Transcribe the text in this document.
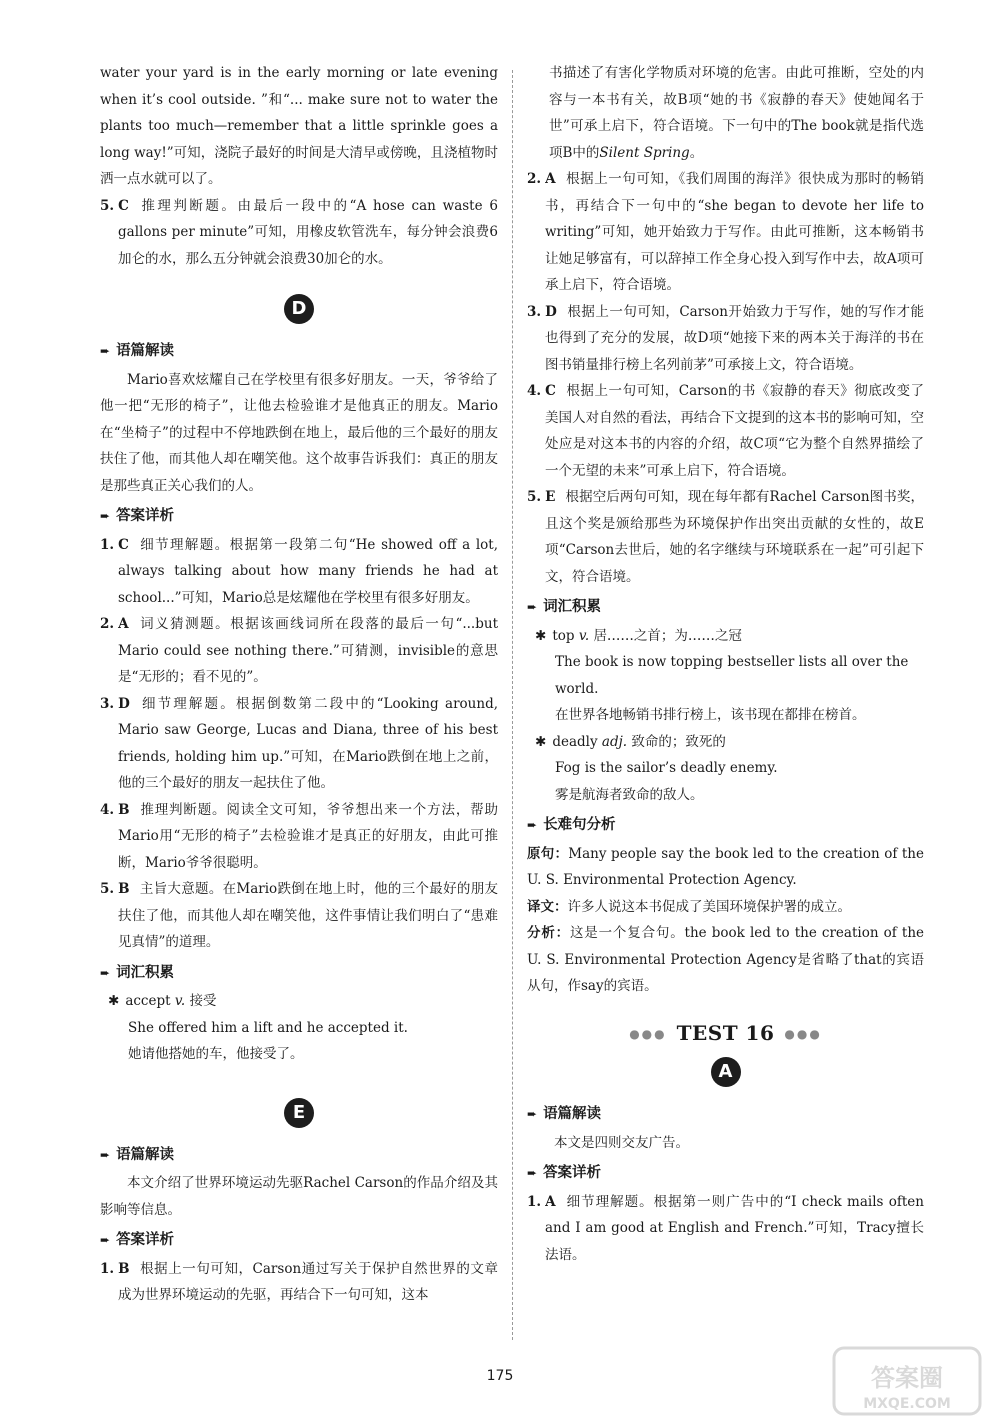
water your yard is in the early morning or late evening when it’s cool outside. ”和“... make sure not to water the plants too much—remember that a little sprinkle goes a long way!”可知，浇院子最好的时间是大清早或傍晚，且浇植物时洒一点水就可以了。

5. C 推理判断题。由最后一段中的“A hose can waste 6 gallons per minute”可知，用橡皮软管洗车，每分钟会浪费6加仑的水，那么五分钟就会浪费30加仑的水。

D
➨ 语篇解读

Mario喜欢炫耀自己在学校里有很多好朋友。一天，爷爷给了他一把“无形的椅子”，让他去检验谁才是他真正的朋友。Mario在“坐椅子”的过程中不停地跌倒在地上，最后他的三个最好的朋友扶住了他，而其他人却在嘲笑他。这个故事告诉我们：真正的朋友是那些真正关心我们的人。

➨ 答案详析

1. C 细节理解题。根据第一段第二句“He showed off a lot, always talking about how many friends he had at school...”可知，Mario总是炫耀他在学校里有很多好朋友。

2. A 词义猜测题。根据该画线词所在段落的最后一句“...but Mario could see nothing there.”可猜测，invisible的意思是“无形的；看不见的”。

3. D 细节理解题。根据倒数第二段中的“Looking around, Mario saw George, Lucas and Diana, three of his best friends, holding him up.”可知，在Mario跌倒在地上之前，他的三个最好的朋友一起扶住了他。

4. B 推理判断题。阅读全文可知，爷爷想出来一个方法，帮助Mario用“无形的椅子”去检验谁才是真正的好朋友，由此可推断，Mario爷爷很聪明。

5. B 主旨大意题。在Mario跌倒在地上时，他的三个最好的朋友扶住了他，而其他人却在嘲笑他，这件事情让我们明白了“患难见真情”的道理。

➨ 词汇积累

✱ accept v. 接受

She offered him a lift and he accepted it.

她请他搭她的车，他接受了。

E
➨ 语篇解读

本文介绍了世界环境运动先驱Rachel Carson的作品介绍及其影响等信息。

➨ 答案详析

1. B 根据上一句可知，Carson通过写关于保护自然世界的文章成为世界环境运动的先驱，再结合下一句可知，这本

书描述了有害化学物质对环境的危害。由此可推断，空处的内容与一本书有关，故B项“她的书《寂静的春天》使她闻名于世”可承上启下，符合语境。下一句中的The book就是指代选项B中的Silent Spring。

2. A 根据上一句可知，《我们周围的海洋》很快成为那时的畅销书，再结合下一句中的“she began to devote her life to writing”可知，她开始致力于写作。由此可推断，这本畅销书让她足够富有，可以辞掉工作全身心投入到写作中去，故A项可承上启下，符合语境。

3. D 根据上一句可知，Carson开始致力于写作，她的写作才能也得到了充分的发展，故D项“她接下来的两本关于海洋的书在图书销量排行榜上名列前茅”可承接上文，符合语境。

4. C 根据上一句可知，Carson的书《寂静的春天》彻底改变了美国人对自然的看法，再结合下文提到的这本书的影响可知，空处应是对这本书的内容的介绍，故C项“它为整个自然界描绘了一个无望的未来”可承上启下，符合语境。

5. E 根据空后两句可知，现在每年都有Rachel Carson图书奖，且这个奖是颁给那些为环境保护作出突出贡献的女性的，故E项“Carson去世后，她的名字继续与环境联系在一起”可引起下文，符合语境。

➨ 词汇积累

✱ top v. 居……之首；为……之冠

The book is now topping bestseller lists all over the world.

在世界各地畅销书排行榜上，该书现在都排在榜首。

✱ deadly adj. 致命的；致死的

Fog is the sailor’s deadly enemy.

雾是航海者致命的敌人。

➨ 长难句分析

原句：Many people say the book led to the creation of the U. S. Environmental Protection Agency.

译文：许多人说这本书促成了美国环境保护署的成立。

分析：这是一个复合句。the book led to the creation of the U. S. Environmental Protection Agency是省略了that的宾语从句，作say的宾语。

●●● TEST 16 ●●●
A
➨ 语篇解读

本文是四则交友广告。

➨ 答案详析

1. A 细节理解题。根据第一则广告中的“I check mails often and I am good at English and French.”可知，Tracy擅长法语。

175	答案圈
MXQE.COM
